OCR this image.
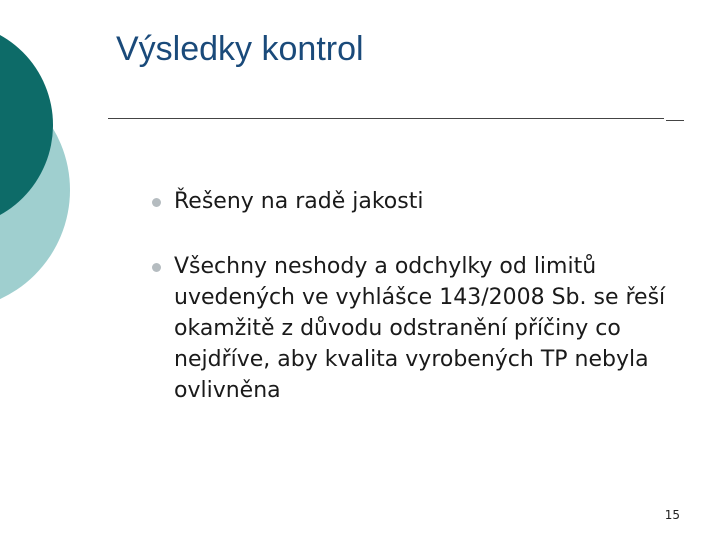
Výsledky kontrol
Řešeny na radě jakosti
Všechny neshody a odchylky od limitů uvedených ve vyhlášce 143/2008 Sb. se řeší okamžitě z důvodu odstranění příčiny co nejdříve, aby kvalita vyrobených TP nebyla ovlivněna
15
